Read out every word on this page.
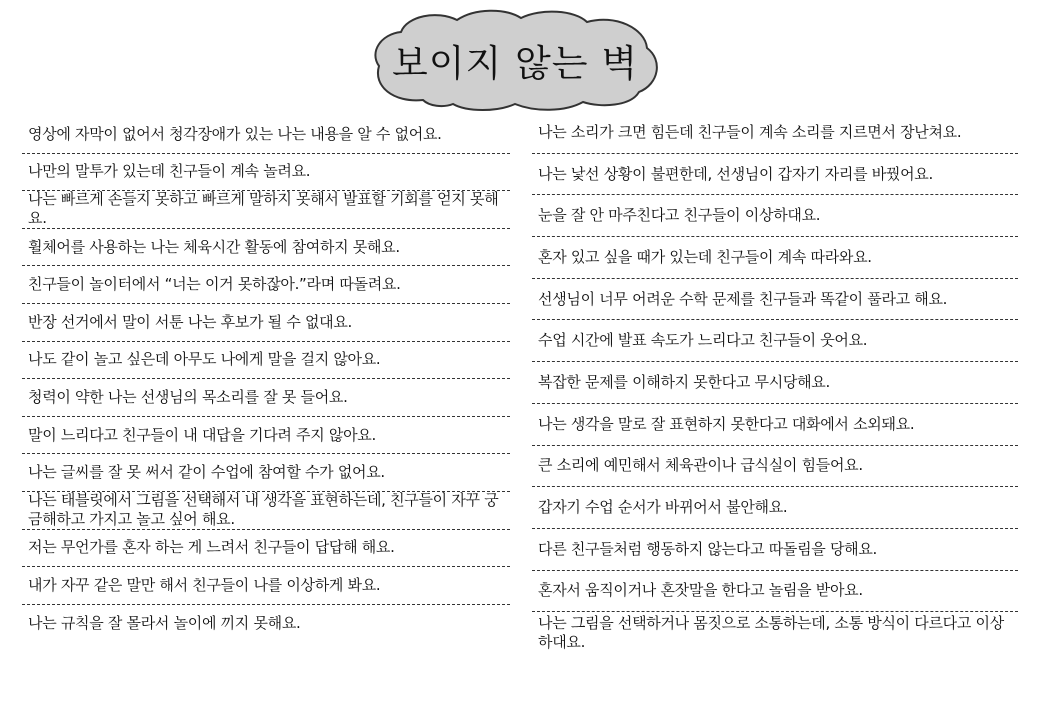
보이지 않는 벽
영상에 자막이 없어서 청각장애가 있는 나는 내용을 알 수 없어요.
나만의 말투가 있는데 친구들이 계속 놀려요.
나는 빠르게 손들지 못하고 빠르게 말하지 못해서 발표할 기회를 얻지 못해요.
휠체어를 사용하는 나는 체육시간 활동에 참여하지 못해요.
친구들이 놀이터에서 “너는 이거 못하잖아.”라며 따돌려요.
반장 선거에서 말이 서툰 나는 후보가 될 수 없대요.
나도 같이 놀고 싶은데 아무도 나에게 말을 걸지 않아요.
청력이 약한 나는 선생님의 목소리를 잘 못 들어요.
말이 느리다고 친구들이 내 대답을 기다려 주지 않아요.
나는 글씨를 잘 못 써서 같이 수업에 참여할 수가 없어요.
나는 태블릿에서 그림을 선택해서 내 생각을 표현하는데, 친구들이 자꾸 궁금해하고 가지고 놀고 싶어 해요.
저는 무언가를 혼자 하는 게 느려서 친구들이 답답해 해요.
내가 자꾸 같은 말만 해서 친구들이 나를 이상하게 봐요.
나는 규칙을 잘 몰라서 놀이에 끼지 못해요.
나는 소리가 크면 힘든데 친구들이 계속 소리를 지르면서 장난쳐요.
나는 낯선 상황이 불편한데, 선생님이 갑자기 자리를 바꿨어요.
눈을 잘 안 마주친다고 친구들이 이상하대요.
혼자 있고 싶을 때가 있는데 친구들이 계속 따라와요.
선생님이 너무 어려운 수학 문제를 친구들과 똑같이 풀라고 해요.
수업 시간에 발표 속도가 느리다고 친구들이 웃어요.
복잡한 문제를 이해하지 못한다고 무시당해요.
나는 생각을 말로 잘 표현하지 못한다고 대화에서 소외돼요.
큰 소리에 예민해서 체육관이나 급식실이 힘들어요.
갑자기 수업 순서가 바뀌어서 불안해요.
다른 친구들처럼 행동하지 않는다고 따돌림을 당해요.
혼자서 움직이거나 혼잣말을 한다고 놀림을 받아요.
나는 그림을 선택하거나 몸짓으로 소통하는데, 소통 방식이 다르다고 이상하대요.
